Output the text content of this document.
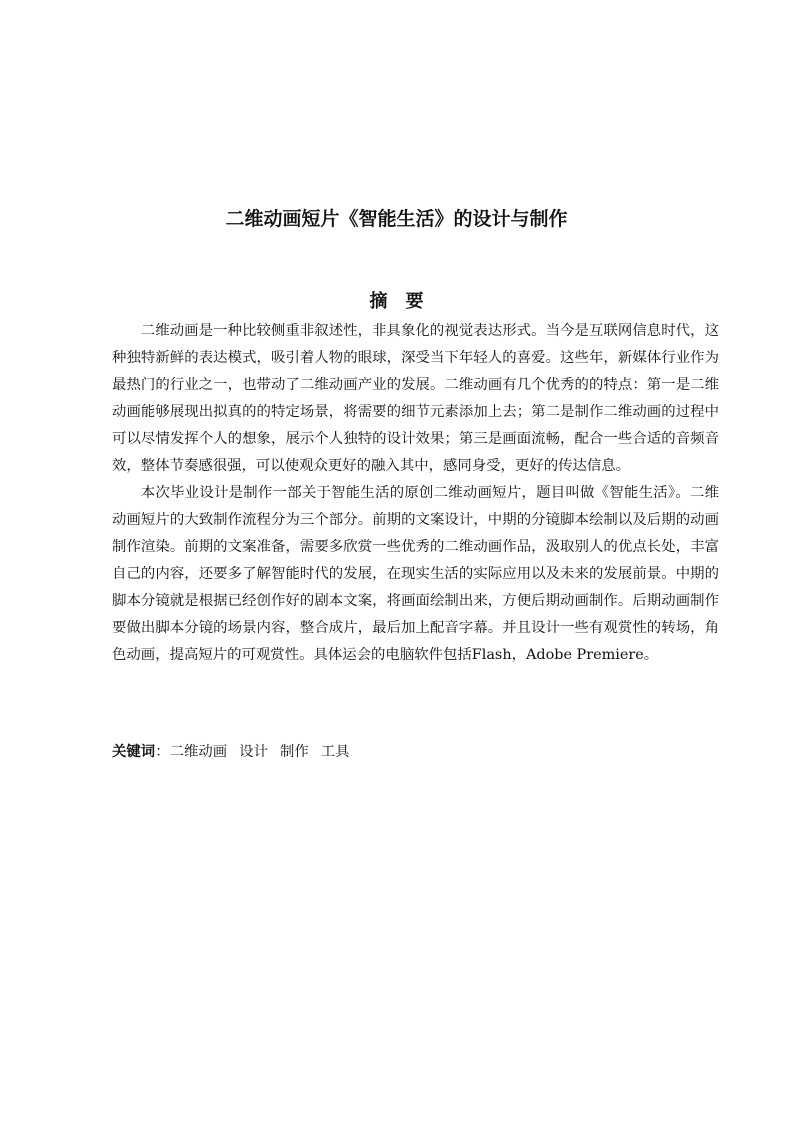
二维动画短片《智能生活》的设计与制作
摘要

二维动画是一种比较侧重非叙述性，非具象化的视觉表达形式。当今是互联网信息时代，这种独特新鲜的表达模式，吸引着人物的眼球，深受当下年轻人的喜爱。这些年，新媒体行业作为最热门的行业之一，也带动了二维动画产业的发展。二维动画有几个优秀的的特点：第一是二维动画能够展现出拟真的的特定场景，将需要的细节元素添加上去；第二是制作二维动画的过程中可以尽情发挥个人的想象，展示个人独特的设计效果；第三是画面流畅，配合一些合适的音频音效，整体节奏感很强，可以使观众更好的融入其中，感同身受，更好的传达信息。

本次毕业设计是制作一部关于智能生活的原创二维动画短片，题目叫做《智能生活》。二维动画短片的大致制作流程分为三个部分。前期的文案设计，中期的分镜脚本绘制以及后期的动画制作渲染。前期的文案准备，需要多欣赏一些优秀的二维动画作品，汲取别人的优点长处，丰富自己的内容，还要多了解智能时代的发展，在现实生活的实际应用以及未来的发展前景。中期的脚本分镜就是根据已经创作好的剧本文案，将画面绘制出来，方便后期动画制作。后期动画制作要做出脚本分镜的场景内容，整合成片，最后加上配音字幕。并且设计一些有观赏性的转场，角色动画，提高短片的可观赏性。具体运会的电脑软件包括Flash，Adobe Premiere。

关键词：二维动画 设计 制作 工具
